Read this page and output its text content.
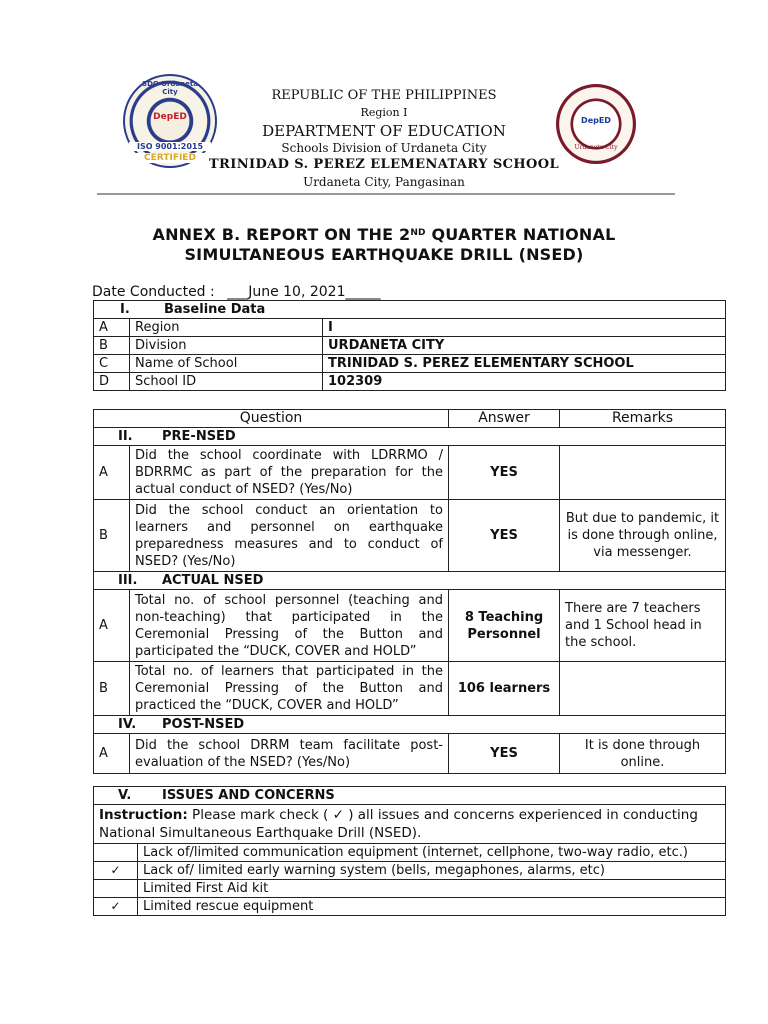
SDO Urdaneta City
DepED
ISO 9001:2015
CERTIFIED
DepED
Urdaneta City
REPUBLIC OF THE PHILIPPINES
Region I
DEPARTMENT OF EDUCATION
Schools Division of Urdaneta City
TRINIDAD S. PEREZ ELEMENATARY SCHOOL
Urdaneta City, Pangasinan
ANNEX B. REPORT ON THE 2ND QUARTER NATIONAL
SIMULTANEOUS EARTHQUAKE DRILL (NSED)
Date Conducted : ___June 10, 2021_____
I. Baseline Data		
A	Region	I
B	Division	URDANETA CITY
C	Name of School	TRINIDAD S. PEREZ ELEMENTARY SCHOOL
D	School ID	102309
Question		Answer	Remarks
II. PRE-NSED			
A	Did the school coordinate with LDRRMO / BDRRMC as part of the preparation for the actual conduct of NSED? (Yes/No)	YES	
B	Did the school conduct an orientation to learners and personnel on earthquake preparedness measures and to conduct of NSED? (Yes/No)	YES	But due to pandemic, it is done through online, via messenger.
III. ACTUAL NSED			
A	Total no. of school personnel (teaching and non-teaching) that participated in the Ceremonial Pressing of the Button and participated the “DUCK, COVER and HOLD”	8 Teaching Personnel	There are 7 teachers and 1 School head in the school.
B	Total no. of learners that participated in the Ceremonial Pressing of the Button and practiced the “DUCK, COVER and HOLD”	106 learners	
IV. POST-NSED			
A	Did the school DRRM team facilitate post-evaluation of the NSED? (Yes/No)	YES	It is done through online.
V. ISSUES AND CONCERNS	
Instruction: Please mark check ( ✓ ) all issues and concerns experienced in conducting National Simultaneous Earthquake Drill (NSED).	
	Lack of/limited communication equipment (internet, cellphone, two-way radio, etc.)
✓	Lack of/ limited early warning system (bells, megaphones, alarms, etc)
	Limited First Aid kit
✓	Limited rescue equipment
